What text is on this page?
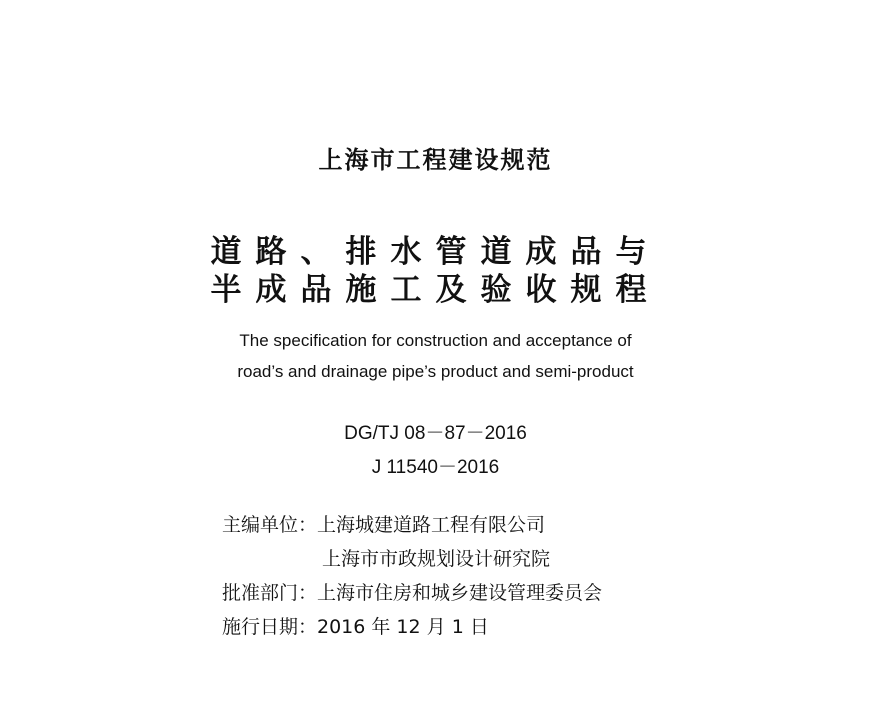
上海市工程建设规范
道路、排水管道成品与
半成品施工及验收规程
The specification for construction and acceptance of
road’s and drainage pipe’s product and semi-product
DG/TJ 08－87－2016
J 11540－2016
主编单位：上海城建道路工程有限公司
上海市市政规划设计研究院
批准部门：上海市住房和城乡建设管理委员会
施行日期：2016 年 12 月 1 日
